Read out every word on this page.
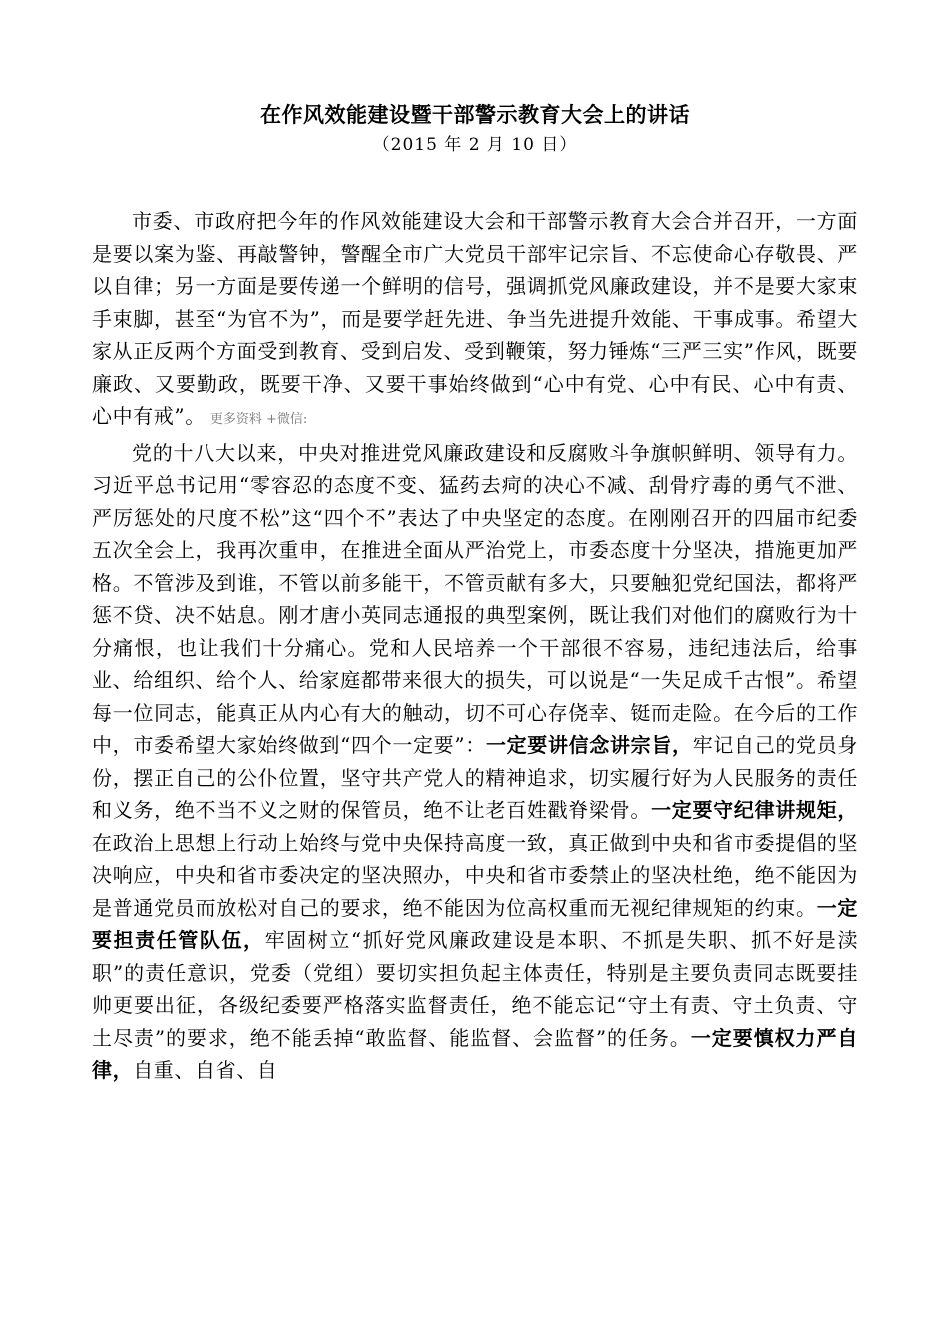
在作风效能建设暨干部警示教育大会上的讲话
（2015 年 2 月 10 日）

市委、市政府把今年的作风效能建设大会和干部警示教育大会合并召开，一方面是要以案为鉴、再敲警钟，警醒全市广大党员干部牢记宗旨、不忘使命心存敬畏、严以自律；另一方面是要传递一个鲜明的信号，强调抓党风廉政建设，并不是要大家束手束脚，甚至“为官不为”，而是要学赶先进、争当先进提升效能、干事成事。希望大家从正反两个方面受到教育、受到启发、受到鞭策，努力锤炼“三严三实”作风，既要廉政、又要勤政，既要干净、又要干事始终做到“心中有党、心中有民、心中有责、心中有戒”。 更多资料 +微信:

党的十八大以来，中央对推进党风廉政建设和反腐败斗争旗帜鲜明、领导有力。习近平总书记用“零容忍的态度不变、猛药去疴的决心不减、刮骨疗毒的勇气不泄、严厉惩处的尺度不松”这“四个不”表达了中央坚定的态度。在刚刚召开的四届市纪委五次全会上，我再次重申，在推进全面从严治党上，市委态度十分坚决，措施更加严格。不管涉及到谁，不管以前多能干，不管贡献有多大，只要触犯党纪国法，都将严惩不贷、决不姑息。刚才唐小英同志通报的典型案例，既让我们对他们的腐败行为十分痛恨，也让我们十分痛心。党和人民培养一个干部很不容易，违纪违法后，给事业、给组织、给个人、给家庭都带来很大的损失，可以说是“一失足成千古恨”。希望每一位同志，能真正从内心有大的触动，切不可心存侥幸、铤而走险。在今后的工作中，市委希望大家始终做到“四个一定要”：一定要讲信念讲宗旨，牢记自己的党员身份，摆正自己的公仆位置，坚守共产党人的精神追求，切实履行好为人民服务的责任和义务，绝不当不义之财的保管员，绝不让老百姓戳脊梁骨。一定要守纪律讲规矩，在政治上思想上行动上始终与党中央保持高度一致，真正做到中央和省市委提倡的坚决响应，中央和省市委决定的坚决照办，中央和省市委禁止的坚决杜绝，绝不能因为是普通党员而放松对自己的要求，绝不能因为位高权重而无视纪律规矩的约束。一定要担责任管队伍，牢固树立“抓好党风廉政建设是本职、不抓是失职、抓不好是渎职”的责任意识，党委（党组）要切实担负起主体责任，特别是主要负责同志既要挂帅更要出征，各级纪委要严格落实监督责任，绝不能忘记“守土有责、守土负责、守土尽责”的要求，绝不能丢掉“敢监督、能监督、会监督”的任务。一定要慎权力严自律，自重、自省、自
